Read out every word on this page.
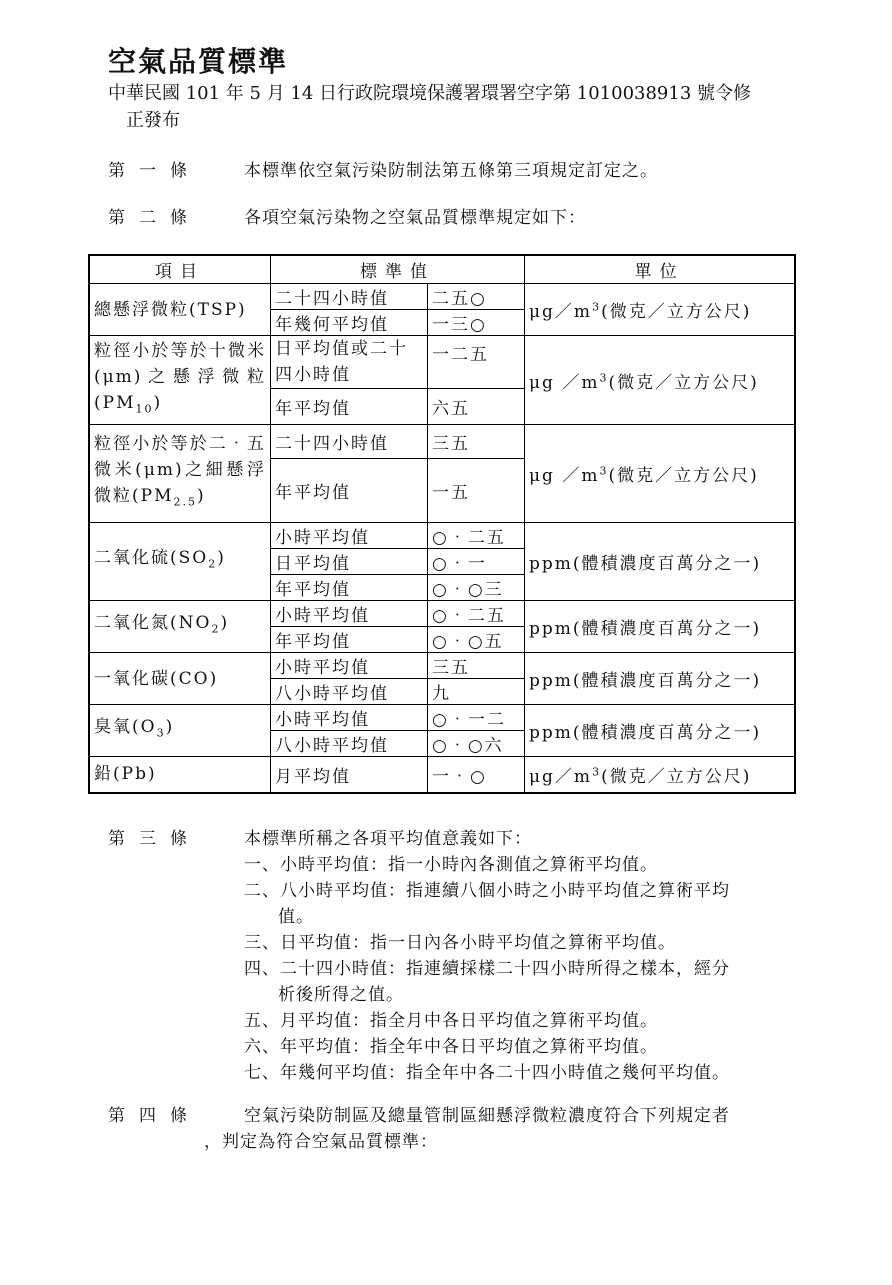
空氣品質標準
中華民國 101 年 5 月 14 日行政院環境保護署環署空字第 1010038913 號令修

正發布
第一條	本標準依空氣污染防制法第五條第三項規定訂定之。
第二條	各項空氣污染物之空氣品質標準規定如下：
項目	標準值		單位
總懸浮微粒(TSP)	二十四小時值	二五○	$\mu g/m^3$(微克／立方公尺)
	年幾何平均值	一三○	
粒徑小於等於十微米(μm)之懸浮微粒$(PM_{10})$	日平均值或二十四小時值	一二五	μg $/m^3$(微克／立方公尺)
	年平均值	六五	
粒徑小於等於二‧五微米(μm)之細懸浮微粒$(PM_{2.5})$	二十四小時值	三五	μg $/m^3$(微克／立方公尺)
	年平均值	一五	
二氧化硫$(SO_2)$	小時平均值	○‧二五	ppm(體積濃度百萬分之一)
	日平均值	○‧一	
	年平均值	○‧○三	
二氧化氮$(NO_2)$	小時平均值	○‧二五	ppm(體積濃度百萬分之一)
	年平均值	○‧○五	
一氧化碳(CO)	小時平均值	三五	ppm(體積濃度百萬分之一)
	八小時平均值	九	
臭氧$(O_3)$	小時平均值	○‧一二	ppm(體積濃度百萬分之一)
	八小時平均值	○‧○六	
鉛(Pb)	月平均值	一‧○	$\mu g/m^3$(微克／立方公尺)
第三條	本標準所稱之各項平均值意義如下：
一、小時平均值：指一小時內各測值之算術平均值。
二、八小時平均值：指連續八個小時之小時平均值之算術平均
值。
三、日平均值：指一日內各小時平均值之算術平均值。
四、二十四小時值：指連續採樣二十四小時所得之樣本，經分
析後所得之值。
五、月平均值：指全月中各日平均值之算術平均值。
六、年平均值：指全年中各日平均值之算術平均值。
七、年幾何平均值：指全年中各二十四小時值之幾何平均值。
第四條	空氣污染防制區及總量管制區細懸浮微粒濃度符合下列規定者
，判定為符合空氣品質標準：
